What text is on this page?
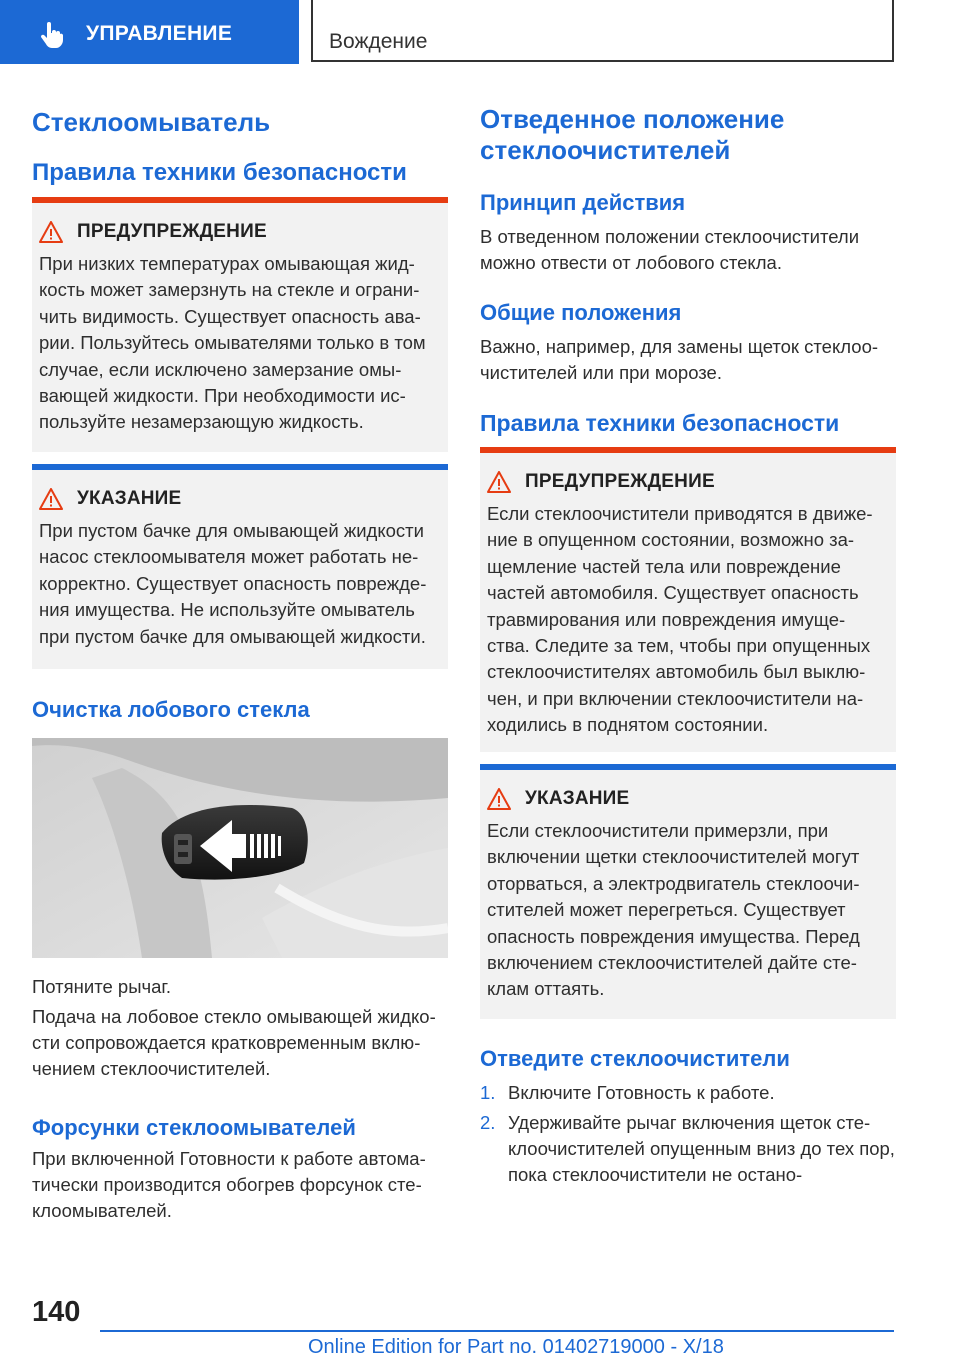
УПРАВЛЕНИЕ	Вождение
Стеклоомыватель
Правила техники безопасности
ПРЕДУПРЕЖДЕНИЕ

При низких температурах омывающая жидкость может замерзнуть на стекле и ограничить видимость. Существует опасность аварии. Пользуйтесь омывателями только в том случае, если исключено замерзание омывающей жидкости. При необходимости используйте незамерзающую жидкость.

УКАЗАНИЕ

При пустом бачке для омывающей жидкости насос стеклоомывателя может работать некорректно. Существует опасность повреждения имущества. Не используйте омыватель при пустом бачке для омывающей жидкости.

Очистка лобового стекла

Потяните рычаг.

Подача на лобовое стекло омывающей жидкости сопровождается кратковременным включением стеклоочистителей.

Форсунки стеклоомывателей

При включенной Готовности к работе автоматически производится обогрев форсунок стеклоомывателей.

Отведенное положение стеклоочистителей
Принцип действия

В отведенном положении стеклоочистители можно отвести от лобового стекла.

Общие положения

Важно, например, для замены щеток стеклоочистителей или при морозе.

Правила техники безопасности
ПРЕДУПРЕЖДЕНИЕ

Если стеклоочистители приводятся в движение в опущенном состоянии, возможно защемление частей тела или повреждение частей автомобиля. Существует опасность травмирования или повреждения имущества. Следите за тем, чтобы при опущенных стеклоочистителях автомобиль был выключен, и при включении стеклоочистители находились в поднятом состоянии.

УКАЗАНИЕ

Если стеклоочистители примерзли, при включении щетки стеклоочистителей могут оторваться, а электродвигатель стеклоочистителей может перегреться. Существует опасность повреждения имущества. Перед включением стеклоочистителей дайте стеклам оттаять.

Отведите стеклоочистители
1. Включите Готовность к работе.
2. Удерживайте рычаг включения щеток стеклоочистителей опущенным вниз до тех пор, пока стеклоочистители не остано-
140
Online Edition for Part no. 01402719000 - X/18
